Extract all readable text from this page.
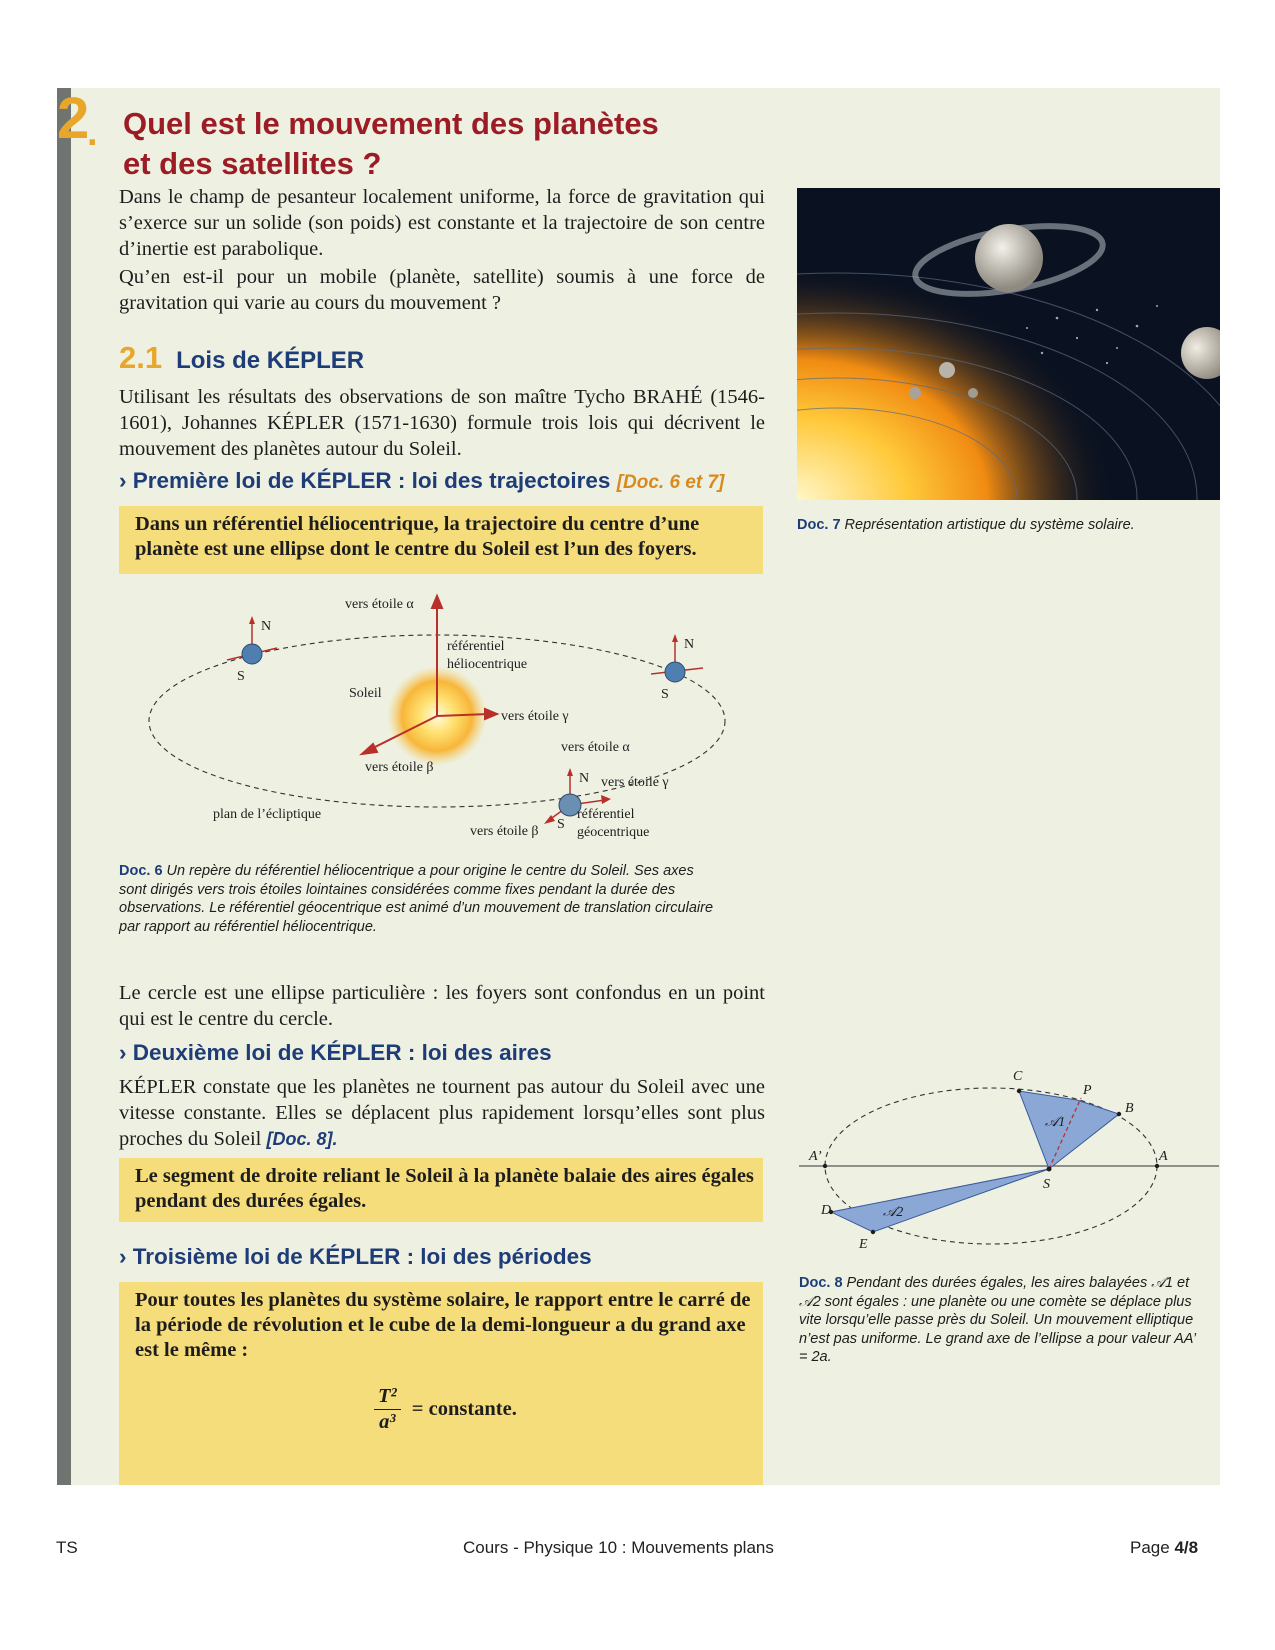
2
. Quel est le mouvement des planètes
et des satellites ?
Dans le champ de pesanteur localement uniforme, la force de gravitation qui s’exerce sur un solide (son poids) est constante et la trajectoire de son centre d’inertie est parabolique.
Qu’en est-il pour un mobile (planète, satellite) soumis à une force de gravitation qui varie au cours du mouvement ?
2.1 Lois de KÉPLER
Utilisant les résultats des observations de son maître Tycho BRAHÉ (1546-1601), Johannes KÉPLER (1571-1630) formule trois lois qui décrivent le mouvement des planètes autour du Soleil.
› Première loi de KÉPLER : loi des trajectoires [Doc. 6 et 7]
Dans un référentiel héliocentrique, la trajectoire du centre d’une planète est une ellipse dont le centre du Soleil est l’un des foyers.
vers étoile α
référentiel
héliocentrique
Soleil
vers étoile γ
vers étoile β
N
S
N
S
vers étoile α
N vers étoile γ
S
référentiel
géocentrique
vers étoile β
plan de l’écliptique
Doc. 6 Un repère du référentiel héliocentrique a pour origine le centre du Soleil. Ses axes sont dirigés vers trois étoiles lointaines considérées comme fixes pendant la durée des observations. Le référentiel géocentrique est animé d’un mouvement de translation circulaire par rapport au référentiel héliocentrique.
Le cercle est une ellipse particulière : les foyers sont confondus en un point qui est le centre du cercle.
› Deuxième loi de KÉPLER : loi des aires
KÉPLER constate que les planètes ne tournent pas autour du Soleil avec une vitesse constante. Elles se déplacent plus rapidement lorsqu’elles sont plus proches du Soleil [Doc. 8].
Le segment de droite reliant le Soleil à la planète balaie des aires égales pendant des durées égales.
› Troisième loi de KÉPLER : loi des périodes
Pour toutes les planètes du système solaire, le rapport entre le carré de la période de révolution et le cube de la demi-longueur a du grand axe est le même :
$\frac{\text{T²}}{\text{a³}}$ = constante.
Doc. 7 Représentation artistique du système solaire.
A
A’
B
C
D
E
P
S
𝒜1
𝒜2
Doc. 8 Pendant des durées égales, les aires balayées 𝒜1 et 𝒜2 sont égales : une planète ou une comète se déplace plus vite lorsqu’elle passe près du Soleil. Un mouvement elliptique n’est pas uniforme. Le grand axe de l’ellipse a pour valeur AA’ = 2a.
TS	Cours - Physique 10 : Mouvements plans	Page 4/8
